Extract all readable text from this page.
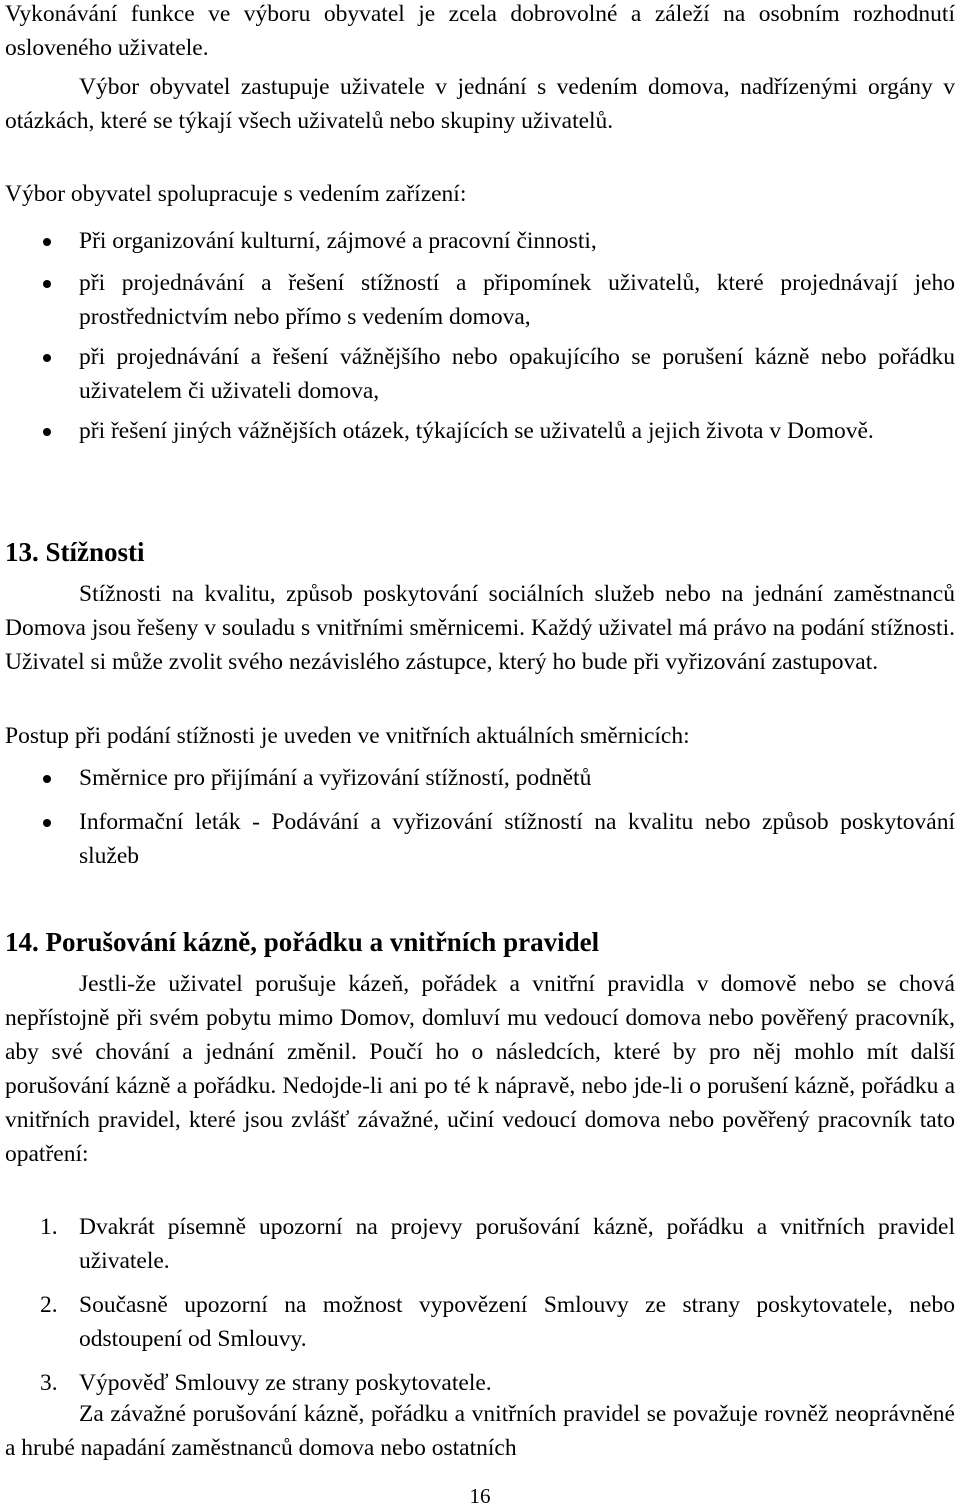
Vykonávání funkce ve výboru obyvatel je zcela dobrovolné a záleží na osobním rozhodnutí osloveného uživatele.

Výbor obyvatel zastupuje uživatele v jednání s vedením domova, nadřízenými orgány v otázkách, které se týkají všech uživatelů nebo skupiny uživatelů.

Výbor obyvatel spolupracuje s vedením zařízení:

Při organizování kulturní, zájmové a pracovní činnosti,
při projednávání a řešení stížností a připomínek uživatelů, které projednávají jeho prostřednictvím nebo přímo s vedením domova,
při projednávání a řešení vážnějšího nebo opakujícího se porušení kázně nebo pořádku uživatelem či uživateli domova,
při řešení jiných vážnějších otázek, týkajících se uživatelů a jejich života v Domově.
13. Stížnosti

Stížnosti na kvalitu, způsob poskytování sociálních služeb nebo na jednání zaměstnanců Domova jsou řešeny v souladu s vnitřními směrnicemi. Každý uživatel má právo na podání stížnosti. Uživatel si může zvolit svého nezávislého zástupce, který ho bude při vyřizování zastupovat.

Postup při podání stížnosti je uveden ve vnitřních aktuálních směrnicích:

Směrnice pro přijímání a vyřizování stížností, podnětů
Informační leták - Podávání a vyřizování stížností na kvalitu nebo způsob poskytování služeb
14. Porušování kázně, pořádku a vnitřních pravidel

Jestli-že uživatel porušuje kázeň, pořádek a vnitřní pravidla v domově nebo se chová nepřístojně při svém pobytu mimo Domov, domluví mu vedoucí domova nebo pověřený pracovník, aby své chování a jednání změnil. Poučí ho o následcích, které by pro něj mohlo mít další porušování kázně a pořádku. Nedojde-li ani po té k nápravě, nebo jde-li o porušení kázně, pořádku a vnitřních pravidel, které jsou zvlášť závažné, učiní vedoucí domova nebo pověřený pracovník tato opatření:

1. Dvakrát písemně upozorní na projevy porušování kázně, pořádku a vnitřních pravidel uživatele.
2. Současně upozorní na možnost vypovězení Smlouvy ze strany poskytovatele, nebo odstoupení od Smlouvy.
3. Výpověď Smlouvy ze strany poskytovatele.

Za závažné porušování kázně, pořádku a vnitřních pravidel se považuje rovněž neoprávněné a hrubé napadání zaměstnanců domova nebo ostatních

16
